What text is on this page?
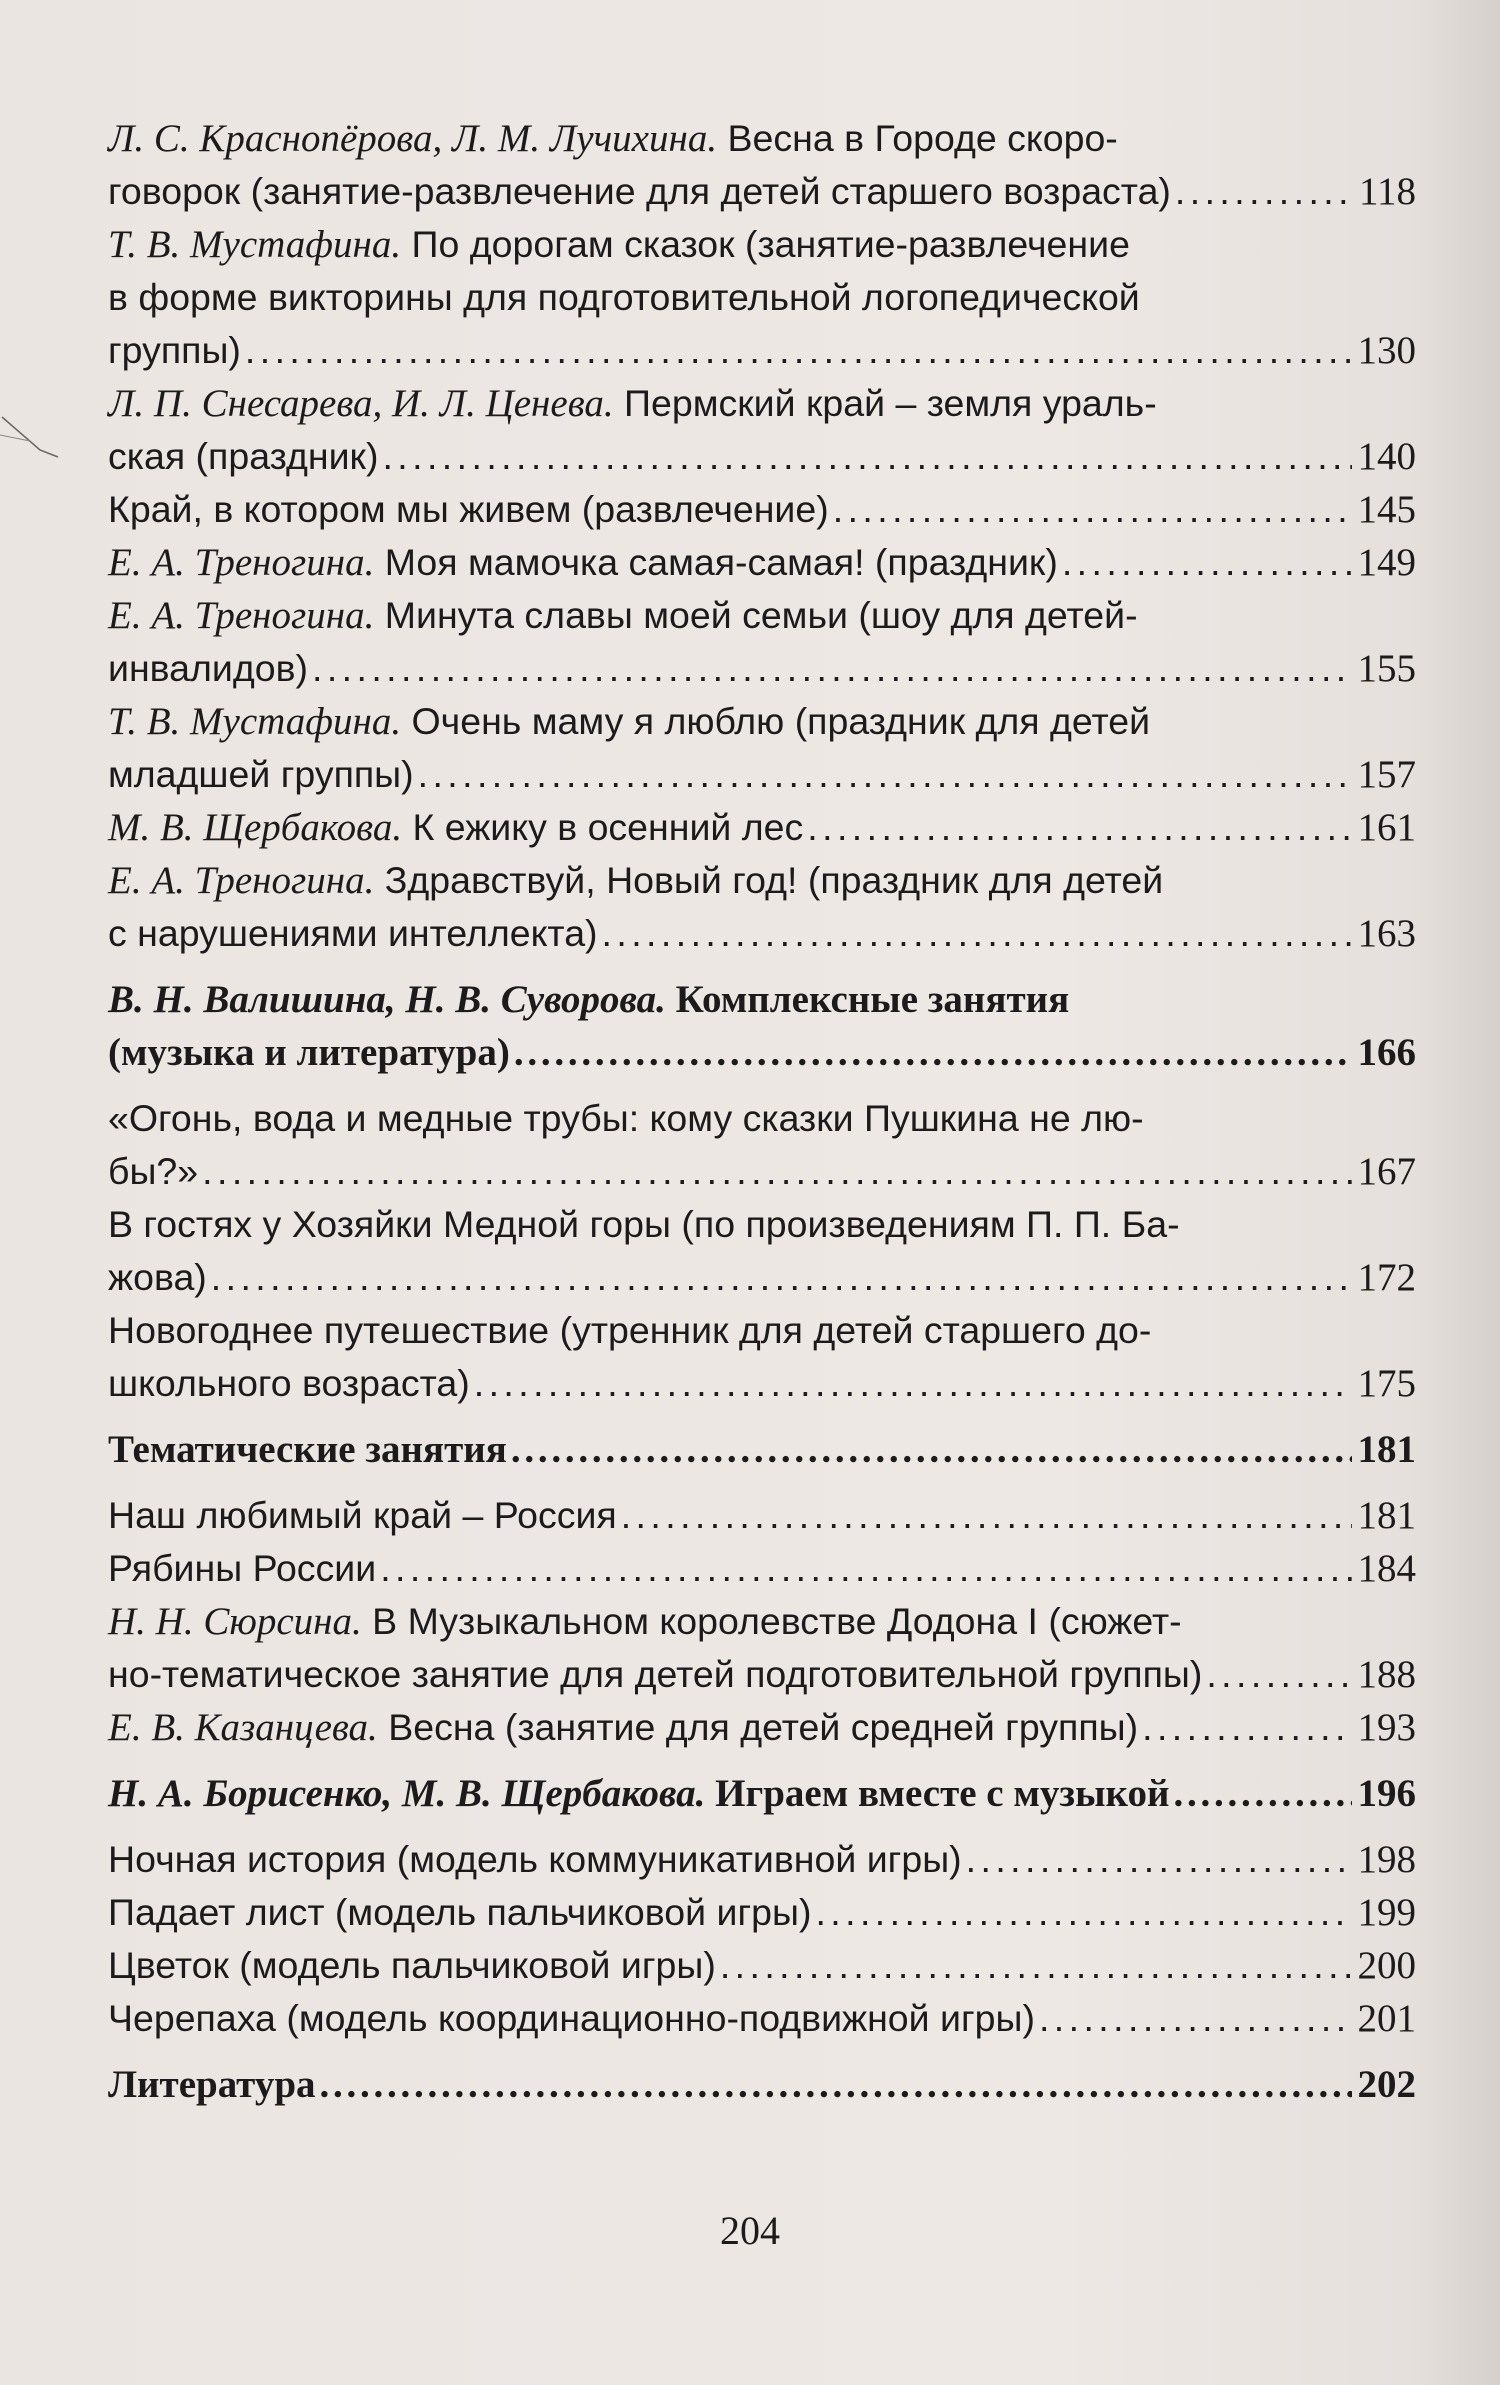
Л. С. Краснопёрова, Л. М. Лучихина. Весна в Городе скоро-
говорок (занятие-развлечение для детей старшего возраста) . . .	118
Т. В. Мустафина. По дорогам сказок (занятие-развлечение
в форме викторины для подготовительной логопедической
группы) . . .	130
Л. П. Снесарева, И. Л. Ценева. Пермский край – земля ураль-
ская (праздник) . . .	140
Край, в котором мы живем (развлечение) . . .	145
Е. А. Треногина. Моя мамочка самая-самая! (праздник) . . .	149
Е. А. Треногина. Минута славы моей семьи (шоу для детей-
инвалидов) . . .	155
Т. В. Мустафина. Очень маму я люблю (праздник для детей
младшей группы) . . .	157
М. В. Щербакова. К ежику в осенний лес . . .	161
Е. А. Треногина. Здравствуй, Новый год! (праздник для детей
с нарушениями интеллекта) . . .	163
В. Н. Валишина, Н. В. Суворова. Комплексные занятия
(музыка и литература) . . .	166
«Огонь, вода и медные трубы: кому сказки Пушкина не лю-
бы?» . . .	167
В гостях у Хозяйки Медной горы (по произведениям П. П. Ба-
жова) . . .	172
Новогоднее путешествие (утренник для детей старшего до-
школьного возраста) . . .	175
Тематические занятия . . .	181
Наш любимый край – Россия . . .	181
Рябины России . . .	184
Н. Н. Сюрсина. В Музыкальном королевстве Додона I (сюжет-
но-тематическое занятие для детей подготовительной группы) . . .	188
Е. В. Казанцева. Весна (занятие для детей средней группы) . . .	193
Н. А. Борисенко, М. В. Щербакова. Играем вместе с музыкой . . .	196
Ночная история (модель коммуникативной игры) . . .	198
Падает лист (модель пальчиковой игры) . . .	199
Цветок (модель пальчиковой игры) . . .	200
Черепаха (модель координационно-подвижной игры) . . .	201
Литература . . .	202
204
